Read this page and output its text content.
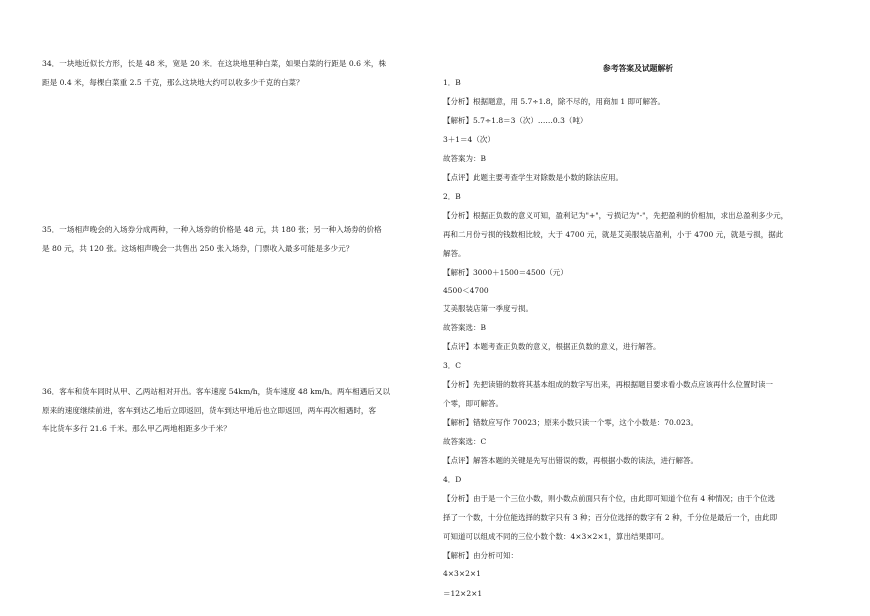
34．一块地近似长方形，长是 48 米，宽是 20 米．在这块地里种白菜，如果白菜的行距是 0.6 米，株

距是 0.4 米，每棵白菜重 2.5 千克，那么这块地大约可以收多少千克的白菜？

35．一场相声晚会的入场券分成两种，一种入场券的价格是 48 元，共 180 张；另一种入场券的价格

是 80 元，共 120 张。这场相声晚会一共售出 250 张入场券，门票收入最多可能是多少元？

36．客车和货车同时从甲、乙两站相对开出。客车速度 54km/h，货车速度 48 km/h。两车相遇后又以

原来的速度继续前进，客车到达乙地后立即返回，货车到达甲地后也立即返回，两车再次相遇时，客

车比货车多行 21.6 千米。那么甲乙两地相距多少千米？

参考答案及试题解析
1．B
【分析】根据题意，用 5.7÷1.8，除不尽的，用商加 1 即可解答。
【解析】5.7÷1.8＝3（次）……0.3（吨）
3＋1＝4（次）
故答案为：B
【点评】此题主要考查学生对除数是小数的除法应用。
2．B
【分析】根据正负数的意义可知，盈利记为"+"，亏损记为"-"，先把盈利的价相加，求出总盈利多少元，
再和二月份亏损的钱数相比较，大于 4700 元，就是艾美服装店盈利，小于 4700 元，就是亏损，据此
解答。
【解析】3000＋1500＝4500（元）
4500＜4700
艾美服装店第一季度亏损。
故答案选：B
【点评】本题考查正负数的意义，根据正负数的意义，进行解答。
3．C
【分析】先把读错的数将其基本组成的数字写出来，再根据题目要求看小数点应该再什么位置时读一
个零，即可解答。
【解析】错数应写作 70023；原来小数只读一个零，这个小数是：70.023。
故答案选：C
【点评】解答本题的关键是先写出错误的数，再根据小数的读法，进行解答。
4．D
【分析】由于是一个三位小数，则小数点前面只有个位，由此即可知道个位有 4 种情况；由于个位选
择了一个数，十分位能选择的数字只有 3 种；百分位选择的数字有 2 种，千分位是最后一个，由此即
可知道可以组成不同的三位小数个数：4×3×2×1，算出结果即可。
【解析】由分析可知：
4×3×2×1
＝12×2×1
